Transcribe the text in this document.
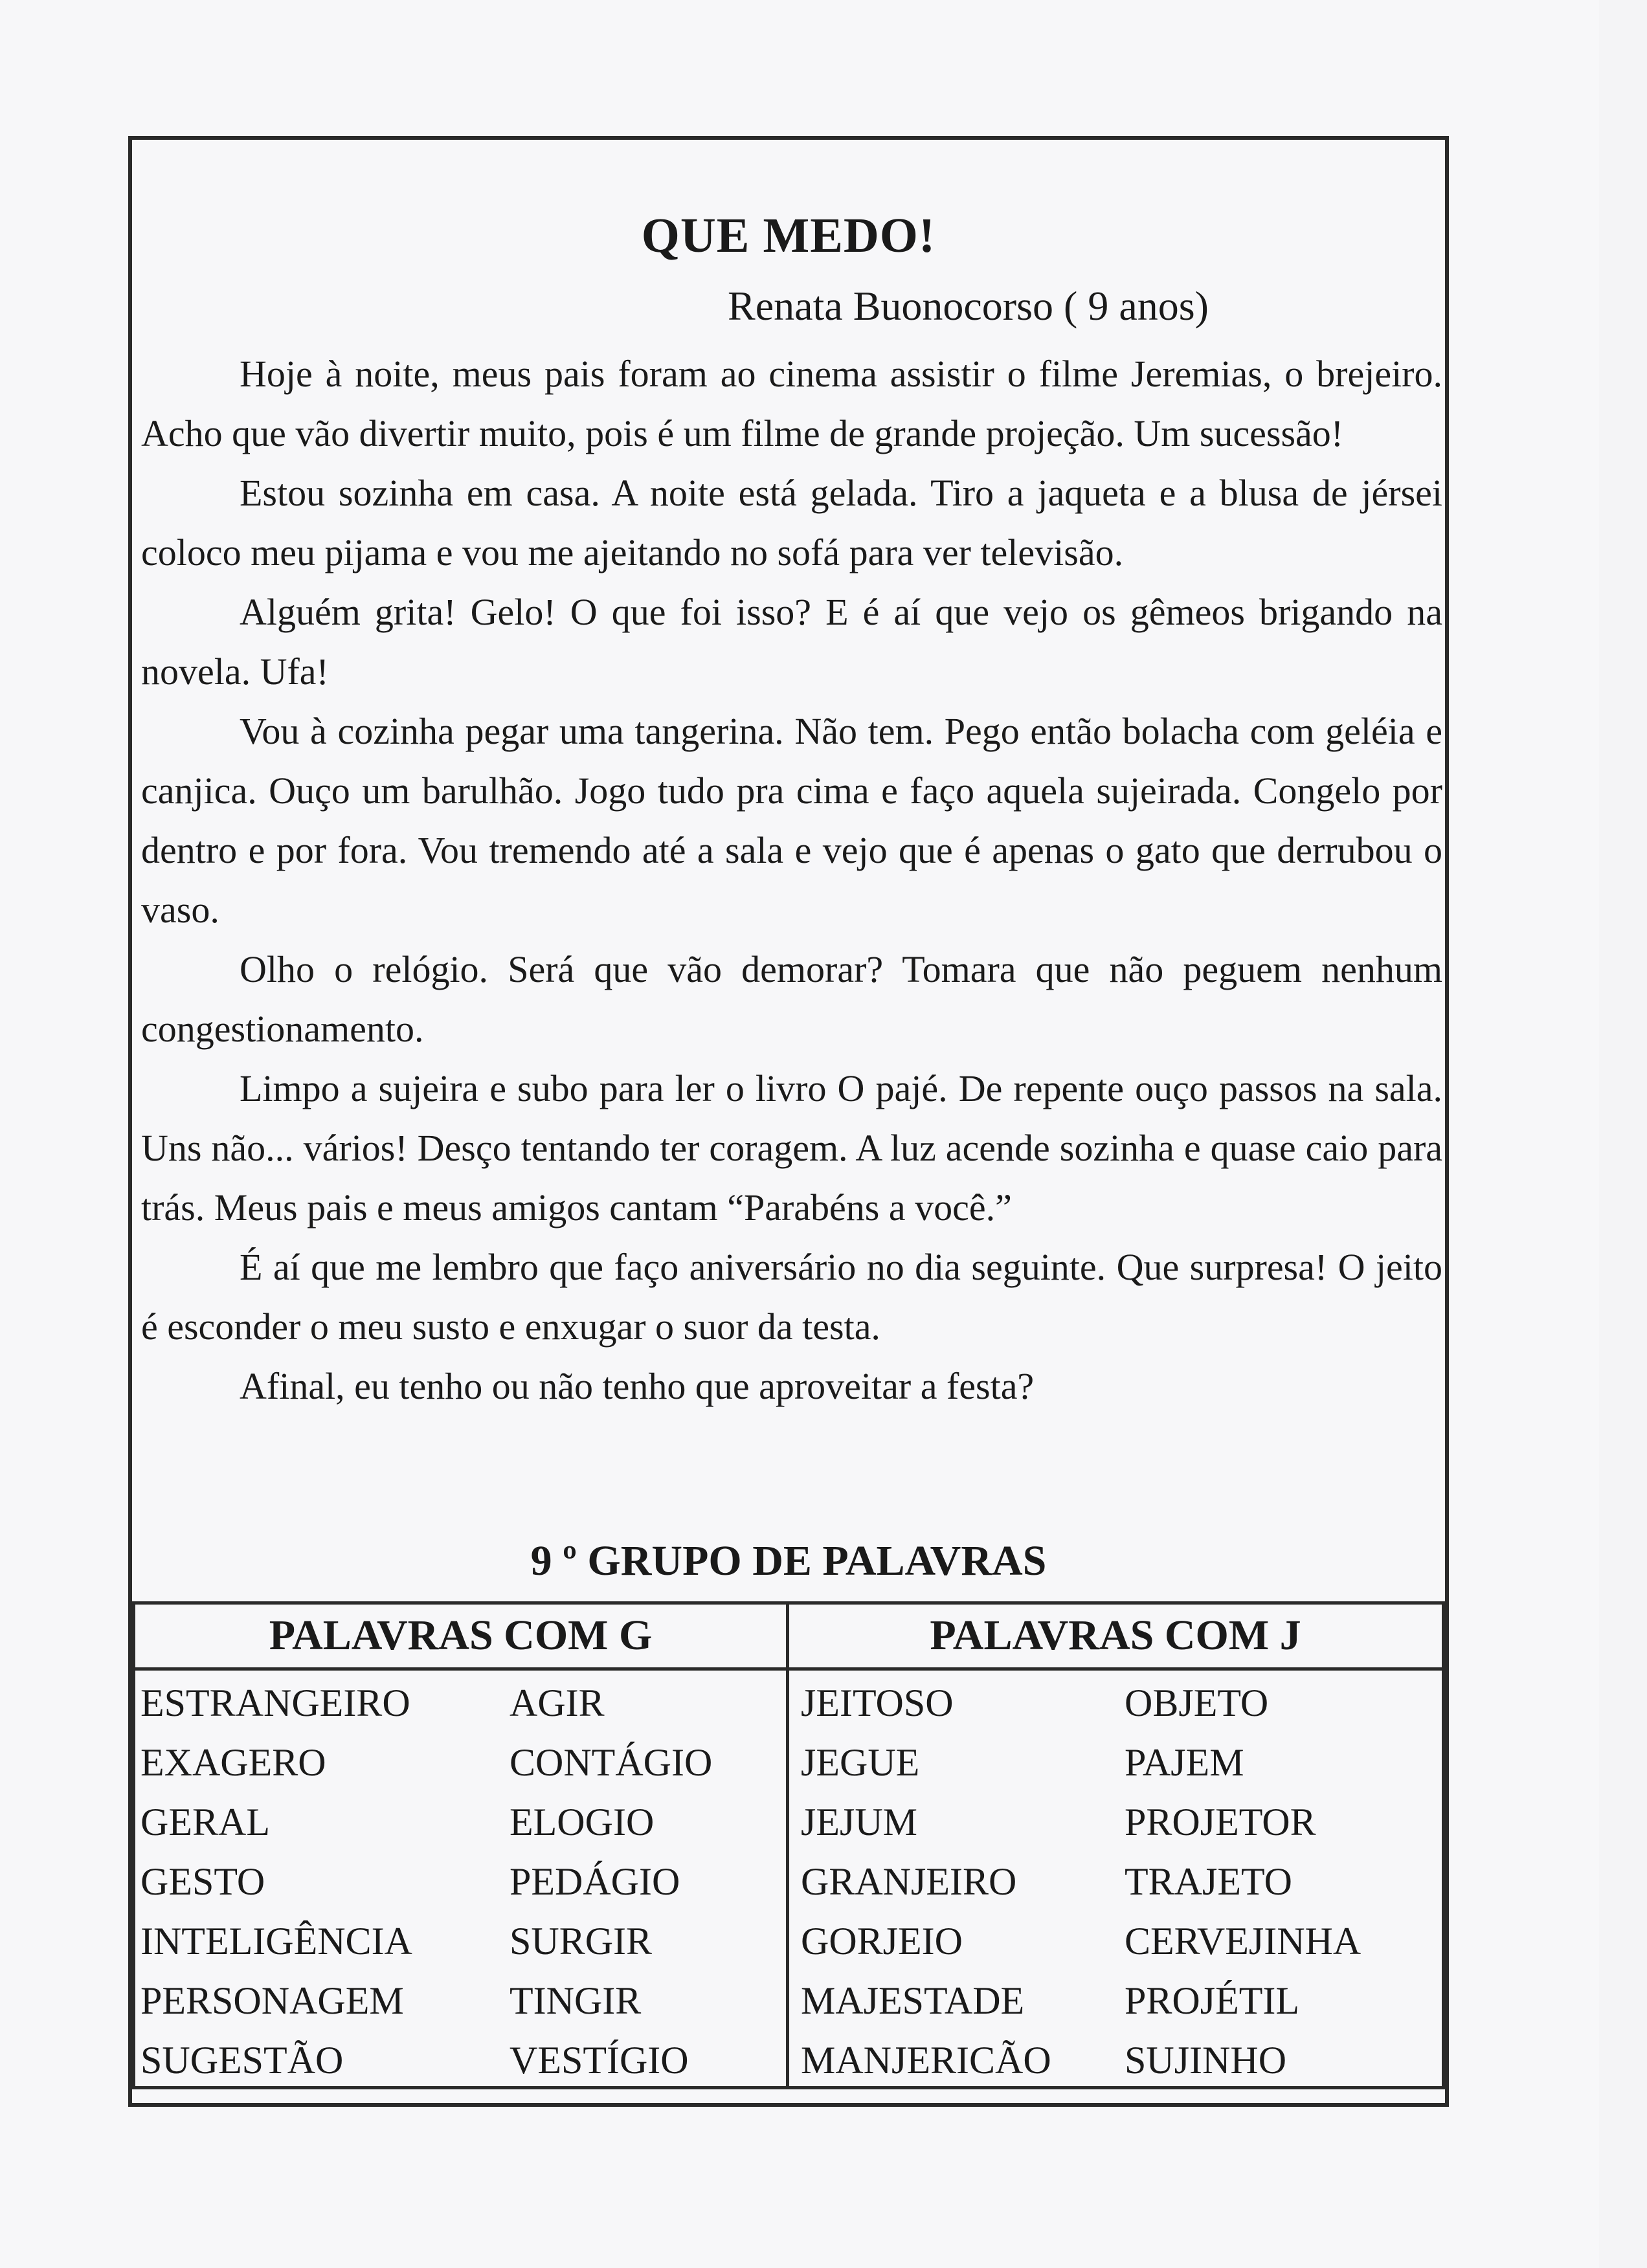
QUE MEDO!
Renata Buonocorso ( 9 anos)

Hoje à noite, meus pais foram ao cinema assistir o filme Jeremias, o brejeiro. Acho que vão divertir muito, pois é um filme de grande projeção. Um sucessão!

Estou sozinha em casa. A noite está gelada. Tiro a jaqueta e a blusa de jérsei coloco meu pijama e vou me ajeitando no sofá para ver televisão.

Alguém grita! Gelo! O que foi isso? E é aí que vejo os gêmeos brigando na novela. Ufa!

Vou à cozinha pegar uma tangerina. Não tem. Pego então bolacha com geléia e canjica. Ouço um barulhão. Jogo tudo pra cima e faço aquela sujeirada. Congelo por dentro e por fora. Vou tremendo até a sala e vejo que é apenas o gato que derrubou o vaso.

Olho o relógio. Será que vão demorar? Tomara que não peguem nenhum congestionamento.

Limpo a sujeira e subo para ler o livro O pajé. De repente ouço passos na sala. Uns não... vários! Desço tentando ter coragem. A luz acende sozinha e quase caio para trás. Meus pais e meus amigos cantam “Parabéns a você.”

É aí que me lembro que faço aniversário no dia seguinte. Que surpresa! O jeito é esconder o meu susto e enxugar o suor da testa.

Afinal, eu tenho ou não tenho que aproveitar a festa?

9 º GRUPO DE PALAVRAS
PALAVRAS COM G
ESTRANGEIRO	AGIR
EXAGERO	CONTÁGIO
GERAL	ELOGIO
GESTO	PEDÁGIO
INTELIGÊNCIA	SURGIR
PERSONAGEM	TINGIR
SUGESTÃO	VESTÍGIO
PALAVRAS COM J
JEITOSO	OBJETO
JEGUE	PAJEM
JEJUM	PROJETOR
GRANJEIRO	TRAJETO
GORJEIO	CERVEJINHA
MAJESTADE	PROJÉTIL
MANJERICÃO	SUJINHO
